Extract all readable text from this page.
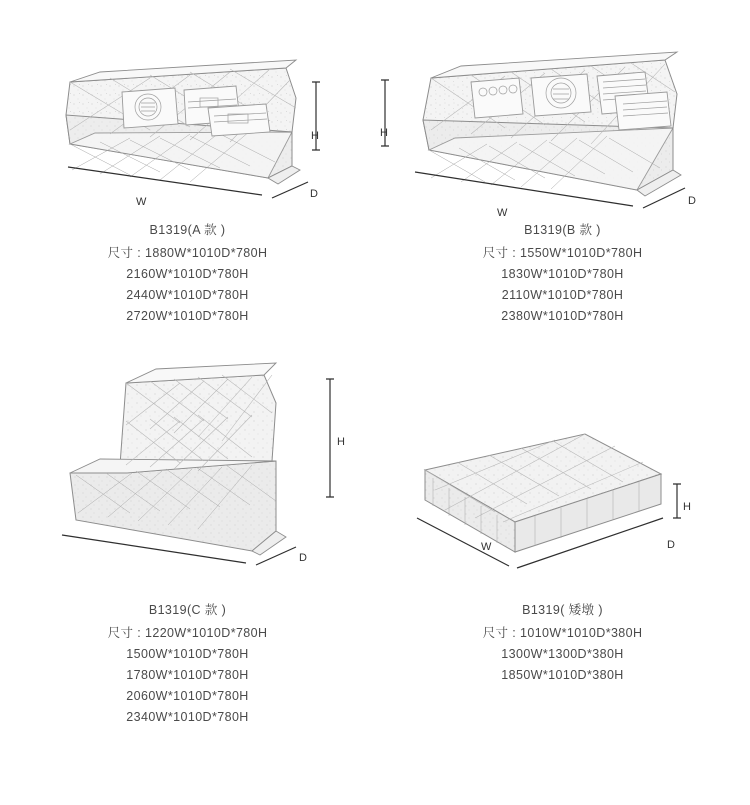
W
D
H
B1319(A 款 )
尺寸 : 1880W*1010D*780H
2160W*1010D*780H
2440W*1010D*780H
2720W*1010D*780H
W
D
H
B1319(B 款 )
尺寸 : 1550W*1010D*780H
1830W*1010D*780H
2110W*1010D*780H
2380W*1010D*780H
D
H
B1319(C 款 )
尺寸 : 1220W*1010D*780H
1500W*1010D*780H
1780W*1010D*780H
2060W*1010D*780H
2340W*1010D*780H
W	D
H
B1319( 矮墩 )
尺寸 : 1010W*1010D*380H
1300W*1300D*380H
1850W*1010D*380H
